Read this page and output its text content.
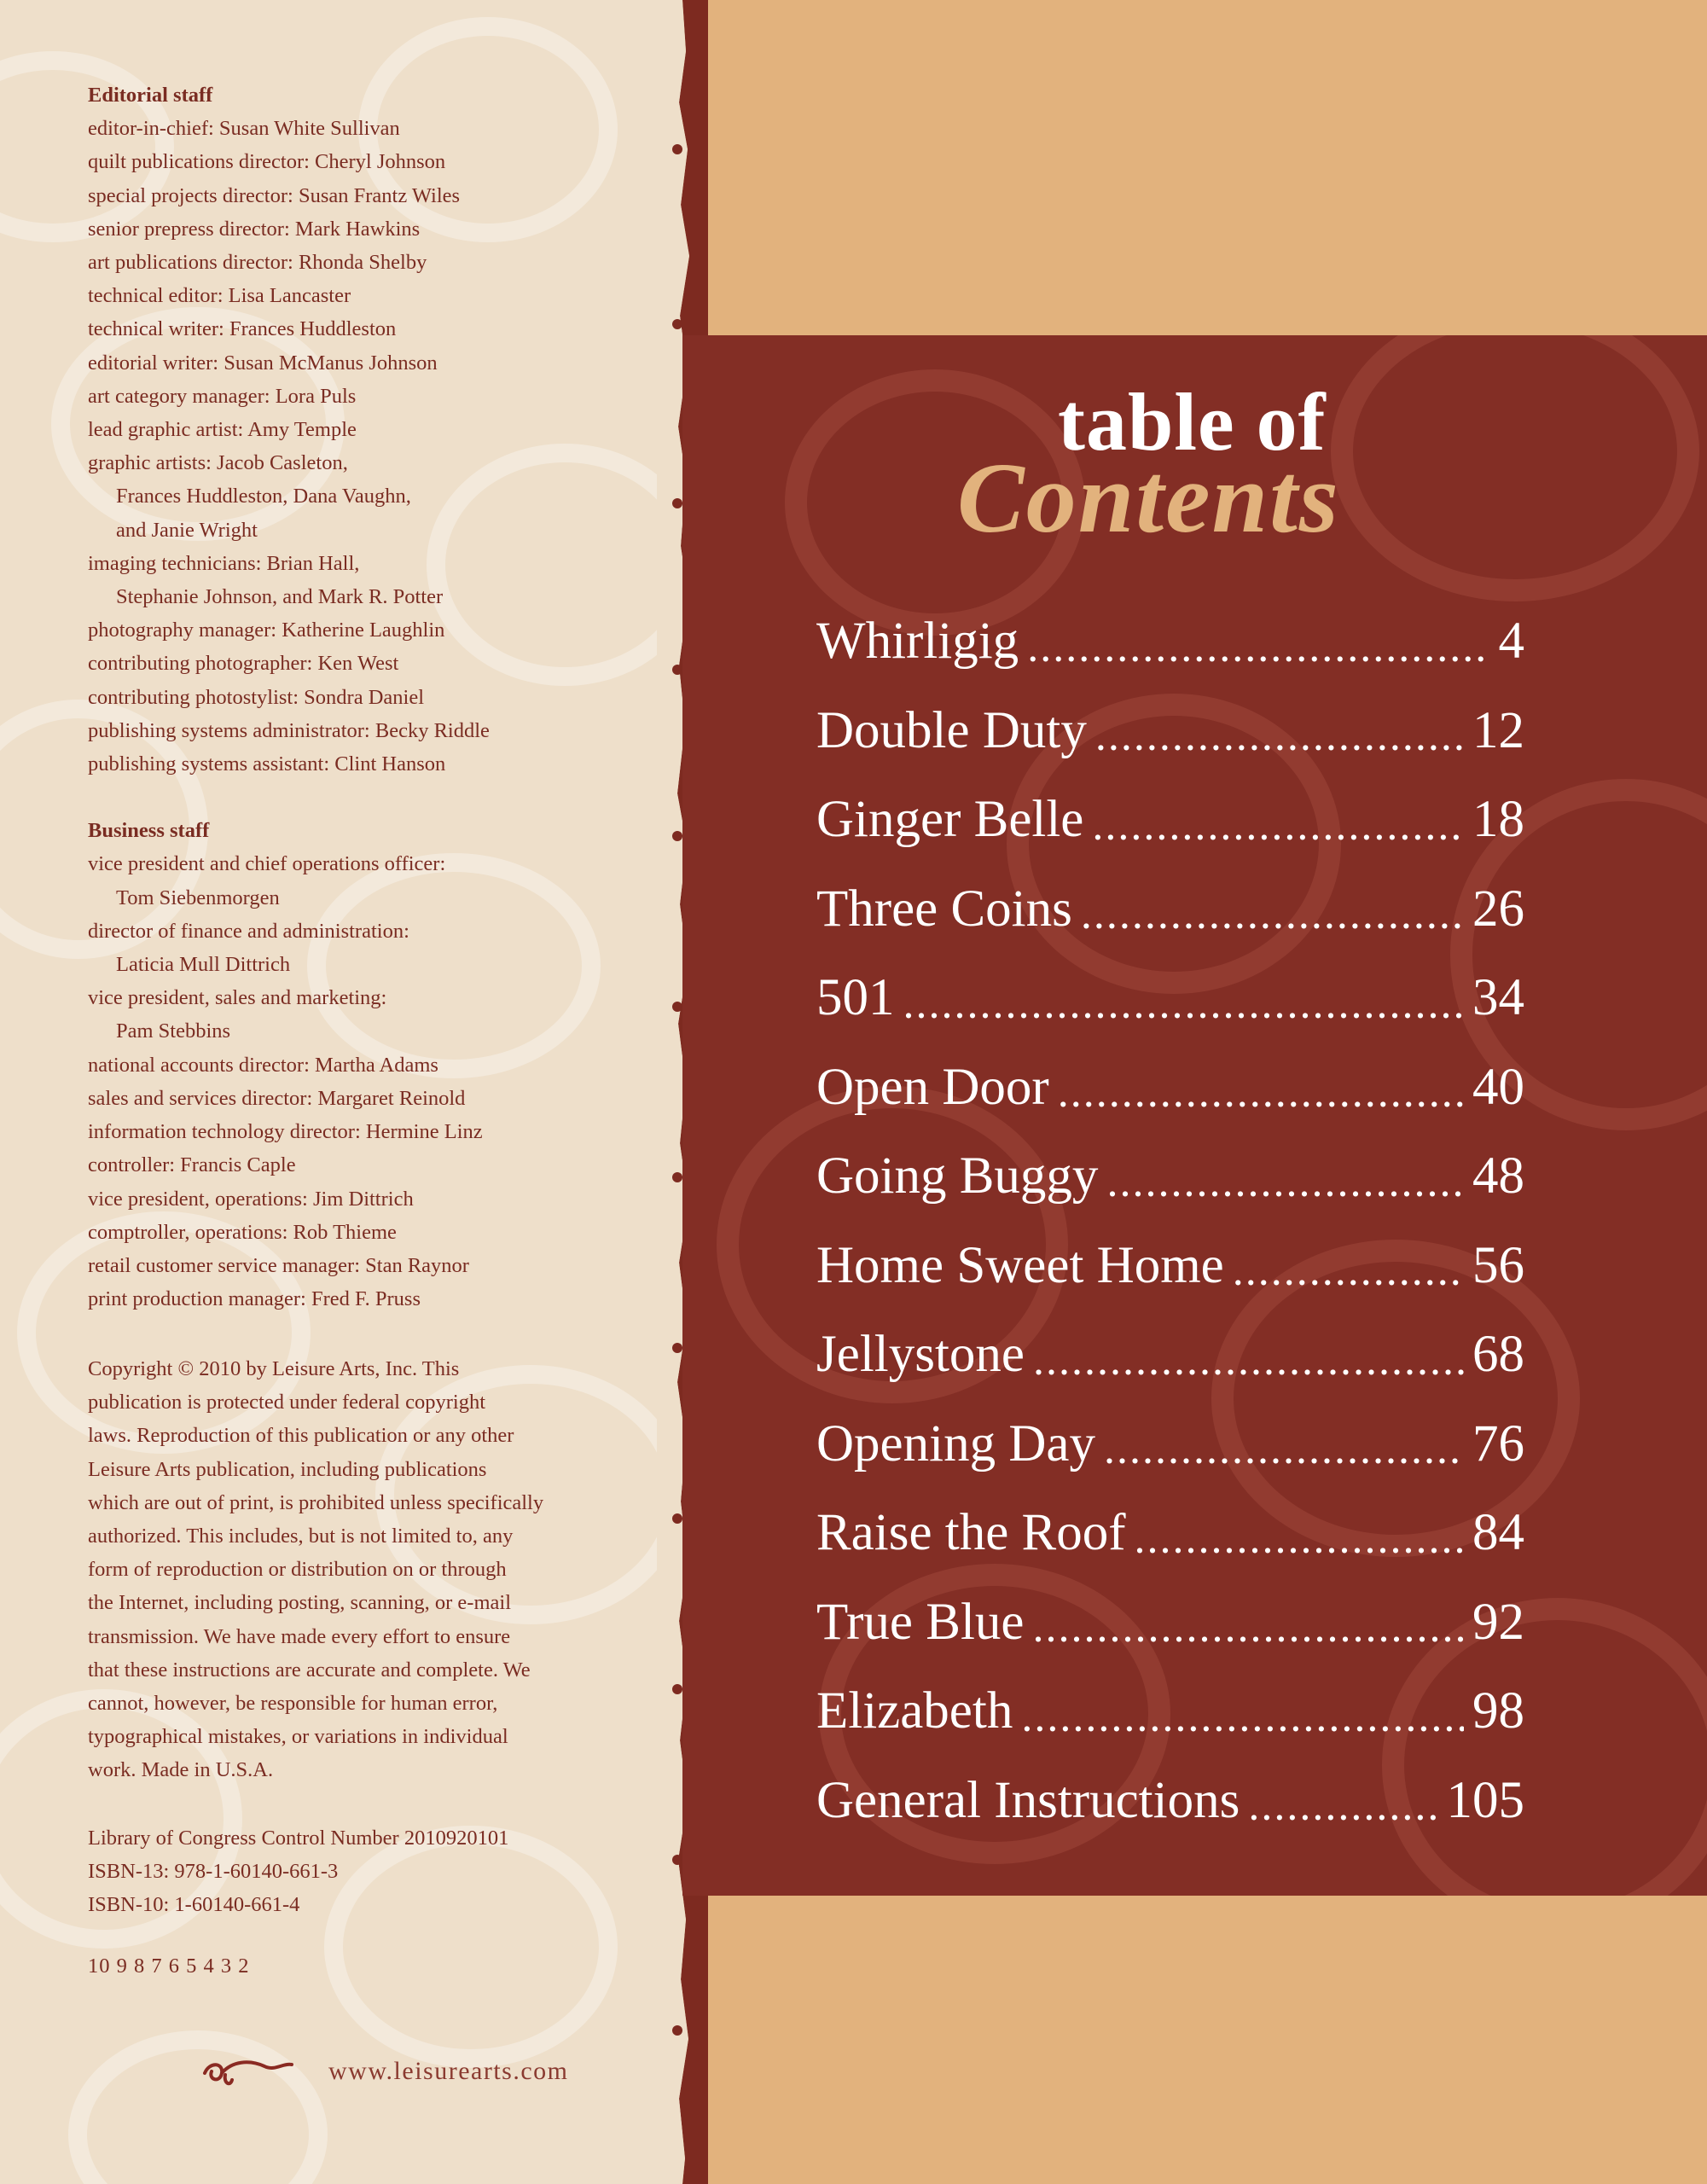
Editorial staff
editor-in-chief: Susan White Sullivan
quilt publications director: Cheryl Johnson
special projects director: Susan Frantz Wiles
senior prepress director: Mark Hawkins
art publications director: Rhonda Shelby
technical editor: Lisa Lancaster
technical writer: Frances Huddleston
editorial writer: Susan McManus Johnson
art category manager: Lora Puls
lead graphic artist: Amy Temple
graphic artists: Jacob Casleton,
Frances Huddleston, Dana Vaughn,
and Janie Wright
imaging technicians: Brian Hall,
Stephanie Johnson, and Mark R. Potter
photography manager: Katherine Laughlin
contributing photographer: Ken West
contributing photostylist: Sondra Daniel
publishing systems administrator: Becky Riddle
publishing systems assistant: Clint Hanson
Business staff
vice president and chief operations officer:
Tom Siebenmorgen
director of finance and administration:
Laticia Mull Dittrich
vice president, sales and marketing:
Pam Stebbins
national accounts director: Martha Adams
sales and services director: Margaret Reinold
information technology director: Hermine Linz
controller: Francis Caple
vice president, operations: Jim Dittrich
comptroller, operations: Rob Thieme
retail customer service manager: Stan Raynor
print production manager: Fred F. Pruss
Copyright © 2010 by Leisure Arts, Inc. This
publication is protected under federal copyright
laws. Reproduction of this publication or any other
Leisure Arts publication, including publications
which are out of print, is prohibited unless specifically
authorized. This includes, but is not limited to, any
form of reproduction or distribution on or through
the Internet, including posting, scanning, or e-mail
transmission. We have made every effort to ensure
that these instructions are accurate and complete. We
cannot, however, be responsible for human error,
typographical mistakes, or variations in individual
work. Made in U.S.A.
Library of Congress Control Number 2010920101
ISBN-13: 978-1-60140-661-3
ISBN-10: 1-60140-661-4
10 9 8 7 6 5 4 3 2
www.leisurearts.com
table of
Contents
Whirligig .....	4
Double Duty .....	12
Ginger Belle .....	18
Three Coins .....	26
501 .....	34
Open Door .....	40
Going Buggy .....	48
Home Sweet Home .....	56
Jellystone .....	68
Opening Day .....	76
Raise the Roof .....	84
True Blue .....	92
Elizabeth .....	98
General Instructions .....	105
